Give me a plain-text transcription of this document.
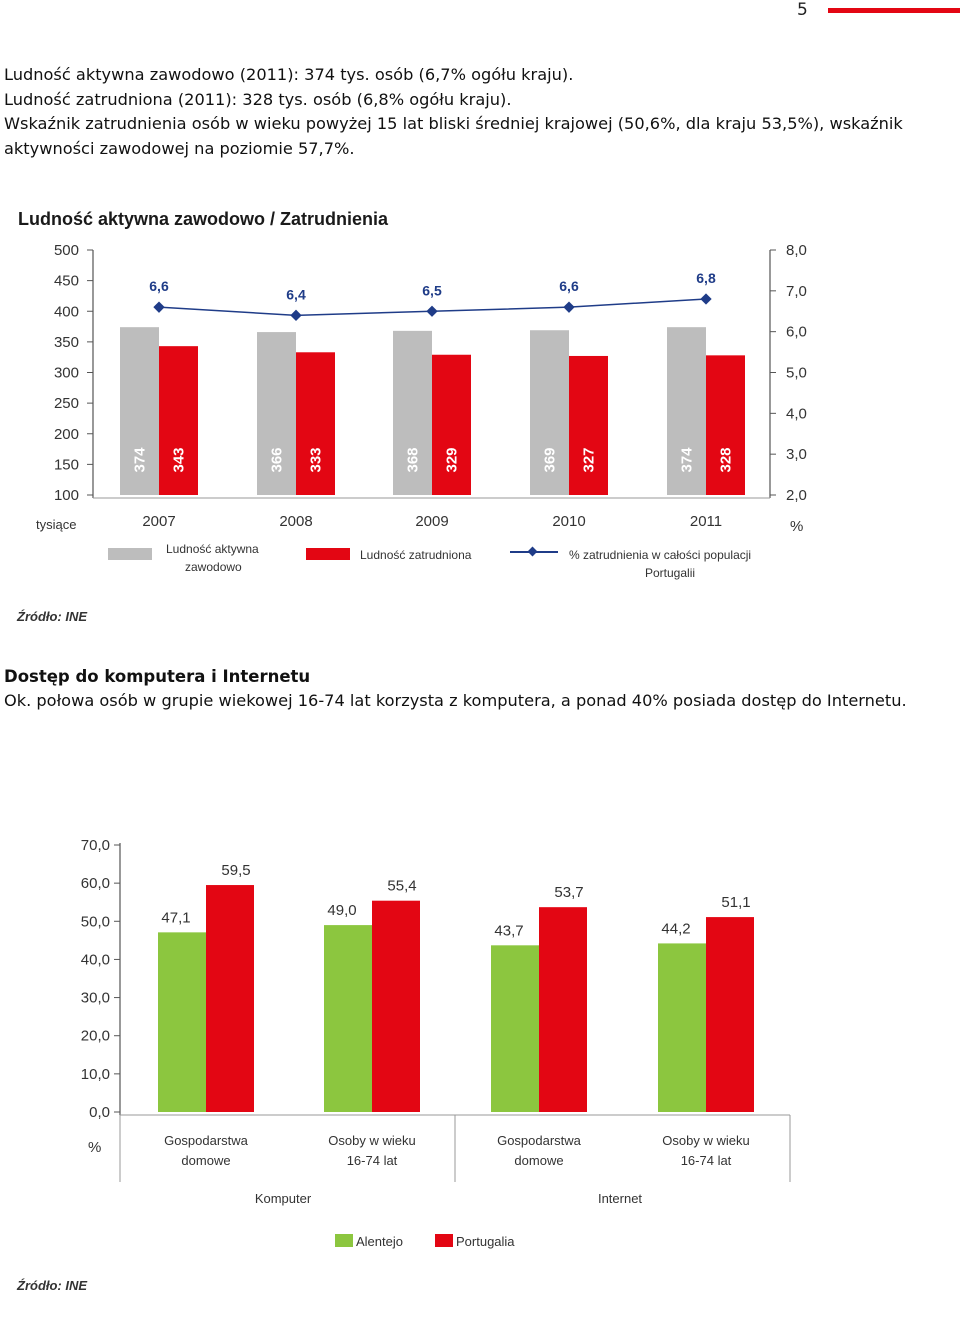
5

Ludność aktywna zawodowo (2011): 374 tys. osób (6,7% ogółu kraju).

Ludność zatrudniona (2011): 328 tys. osób (6,8% ogółu kraju).

Wskaźnik zatrudnienia osób w wieku powyżej 15 lat bliski średniej krajowej (50,6%, dla kraju 53,5%), wskaźnik aktywności zawodowej na poziomie 57,7%.

Ludność aktywna zawodowo / Zatrudnienia
500
450
400
350
300
250
200
150
100
8,0
7,0
6,0
5,0
4,0
3,0
2,0
374 343	366 333	368 329	369 327	374 328
6,6
6,4	6,5	6,6
6,8
2007	2008	2009	2010	2011
tysiące	%
Ludność aktywna
zawodowo
Ludność zatrudniona	% zatrudnienia w całości populacji
Portugalii
Źródło: INE
Dostęp do komputera i Internetu
Ok. połowa osób w grupie wiekowej 16-74 lat korzysta z komputera, a ponad 40% posiada dostęp do Internetu.
70,0
60,0
50,0
40,0
30,0
20,0
10,0
0,0
47,1
59,5
49,0
55,4
43,7
53,7
44,2
51,1
Gospodarstwa
domowe
Osoby w wieku
16-74 lat
Gospodarstwa
domowe
Osoby w wieku
16-74 lat
%
Komputer	Internet
Alentejo	Portugalia
Źródło: INE
